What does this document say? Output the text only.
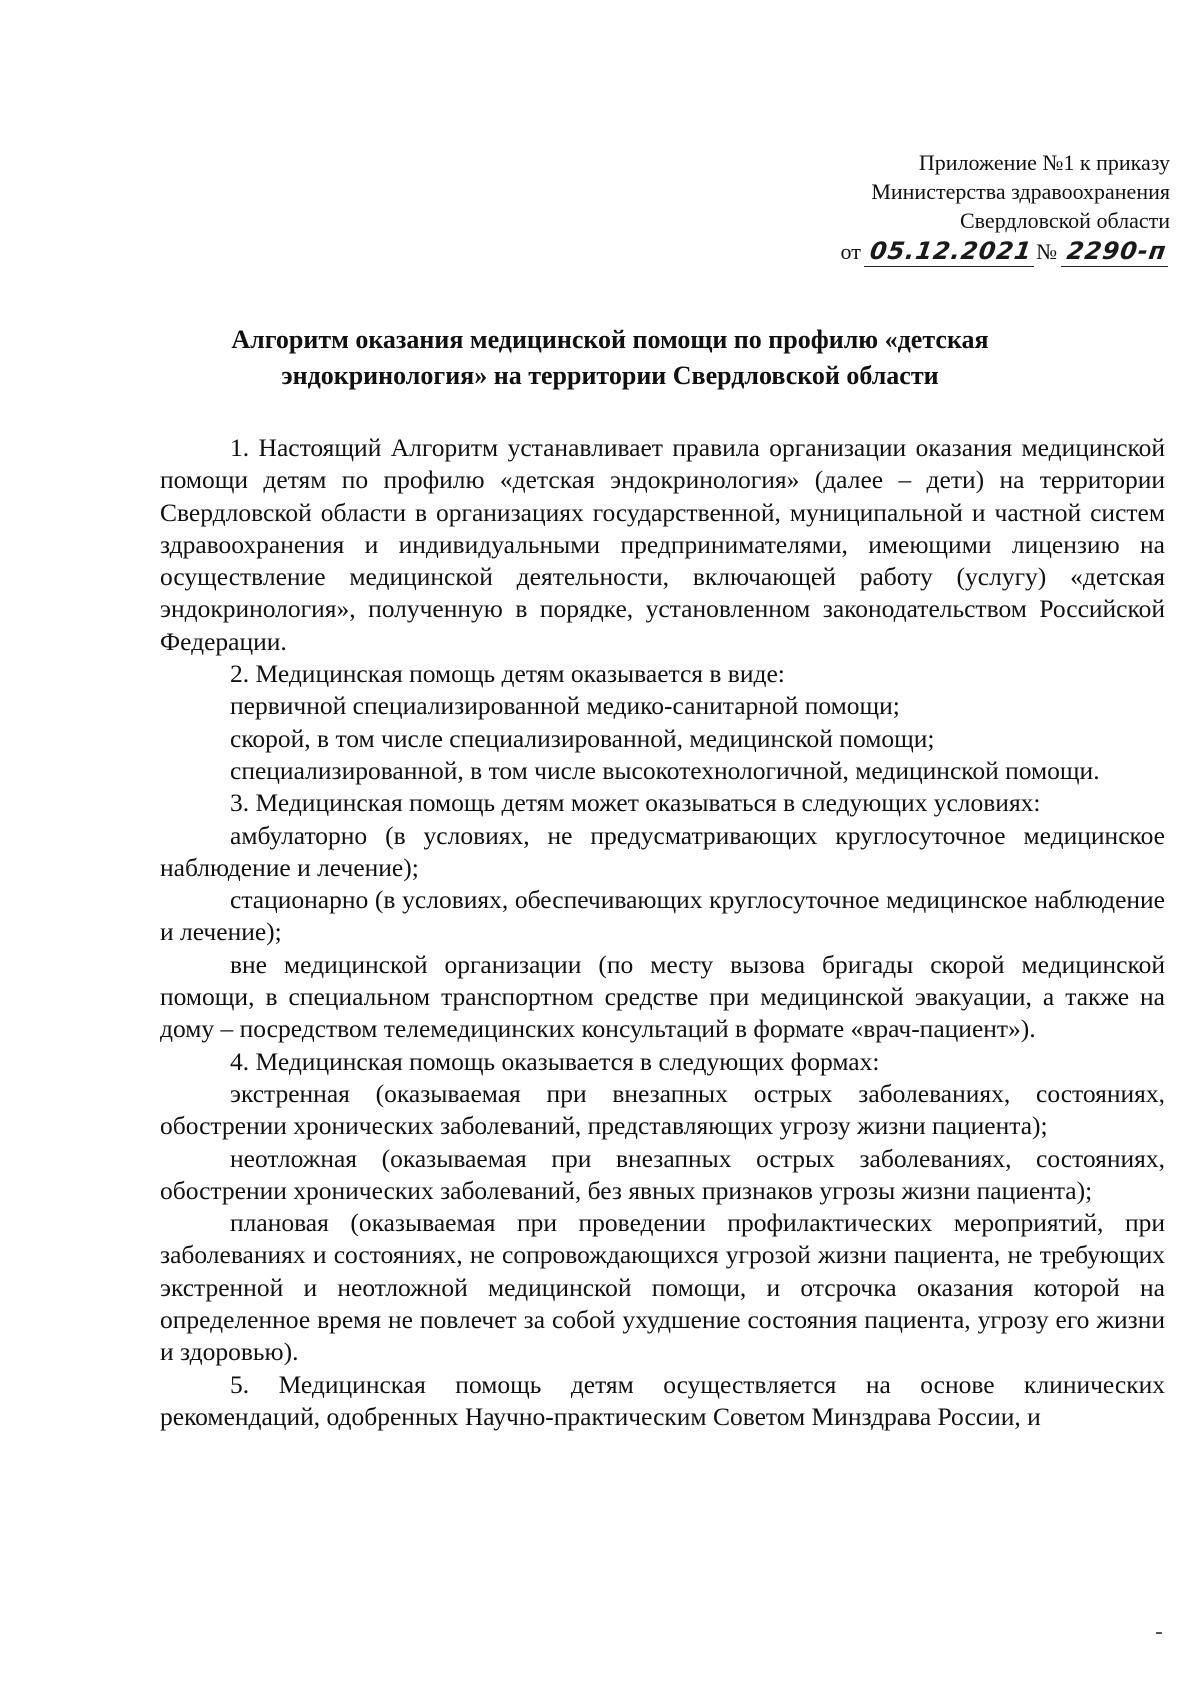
Приложение №1 к приказу
Министерства здравоохранения
Свердловской области
от 05.12.2021№ 2290-п
Алгоритм оказания медицинской помощи по профилю «детская
эндокринология» на территории Свердловской области

1. Настоящий Алгоритм устанавливает правила организации оказания медицинской помощи детям по профилю «детская эндокринология» (далее – дети) на территории Свердловской области в организациях государственной, муниципальной и частной систем здравоохранения и индивидуальными предпринимателями, имеющими лицензию на осуществление медицинской деятельности, включающей работу (услугу) «детская эндокринология», полученную в порядке, установленном законодательством Российской Федерации.

2. Медицинская помощь детям оказывается в виде:

первичной специализированной медико-санитарной помощи;

скорой, в том числе специализированной, медицинской помощи;

специализированной, в том числе высокотехнологичной, медицинской помощи.

3. Медицинская помощь детям может оказываться в следующих условиях:

амбулаторно (в условиях, не предусматривающих круглосуточное медицинское наблюдение и лечение);

стационарно (в условиях, обеспечивающих круглосуточное медицинское наблюдение и лечение);

вне медицинской организации (по месту вызова бригады скорой медицинской помощи, в специальном транспортном средстве при медицинской эвакуации, а также на дому – посредством телемедицинских консультаций в формате «врач-пациент»).

4. Медицинская помощь оказывается в следующих формах:

экстренная (оказываемая при внезапных острых заболеваниях, состояниях, обострении хронических заболеваний, представляющих угрозу жизни пациента);

неотложная (оказываемая при внезапных острых заболеваниях, состояниях, обострении хронических заболеваний, без явных признаков угрозы жизни пациента);

плановая (оказываемая при проведении профилактических мероприятий, при заболеваниях и состояниях, не сопровождающихся угрозой жизни пациента, не требующих экстренной и неотложной медицинской помощи, и отсрочка оказания которой на определенное время не повлечет за собой ухудшение состояния пациента, угрозу его жизни и здоровью).

5. Медицинская помощь детям осуществляется на основе клинических рекомендаций, одобренных Научно-практическим Советом Минздрава России, и
